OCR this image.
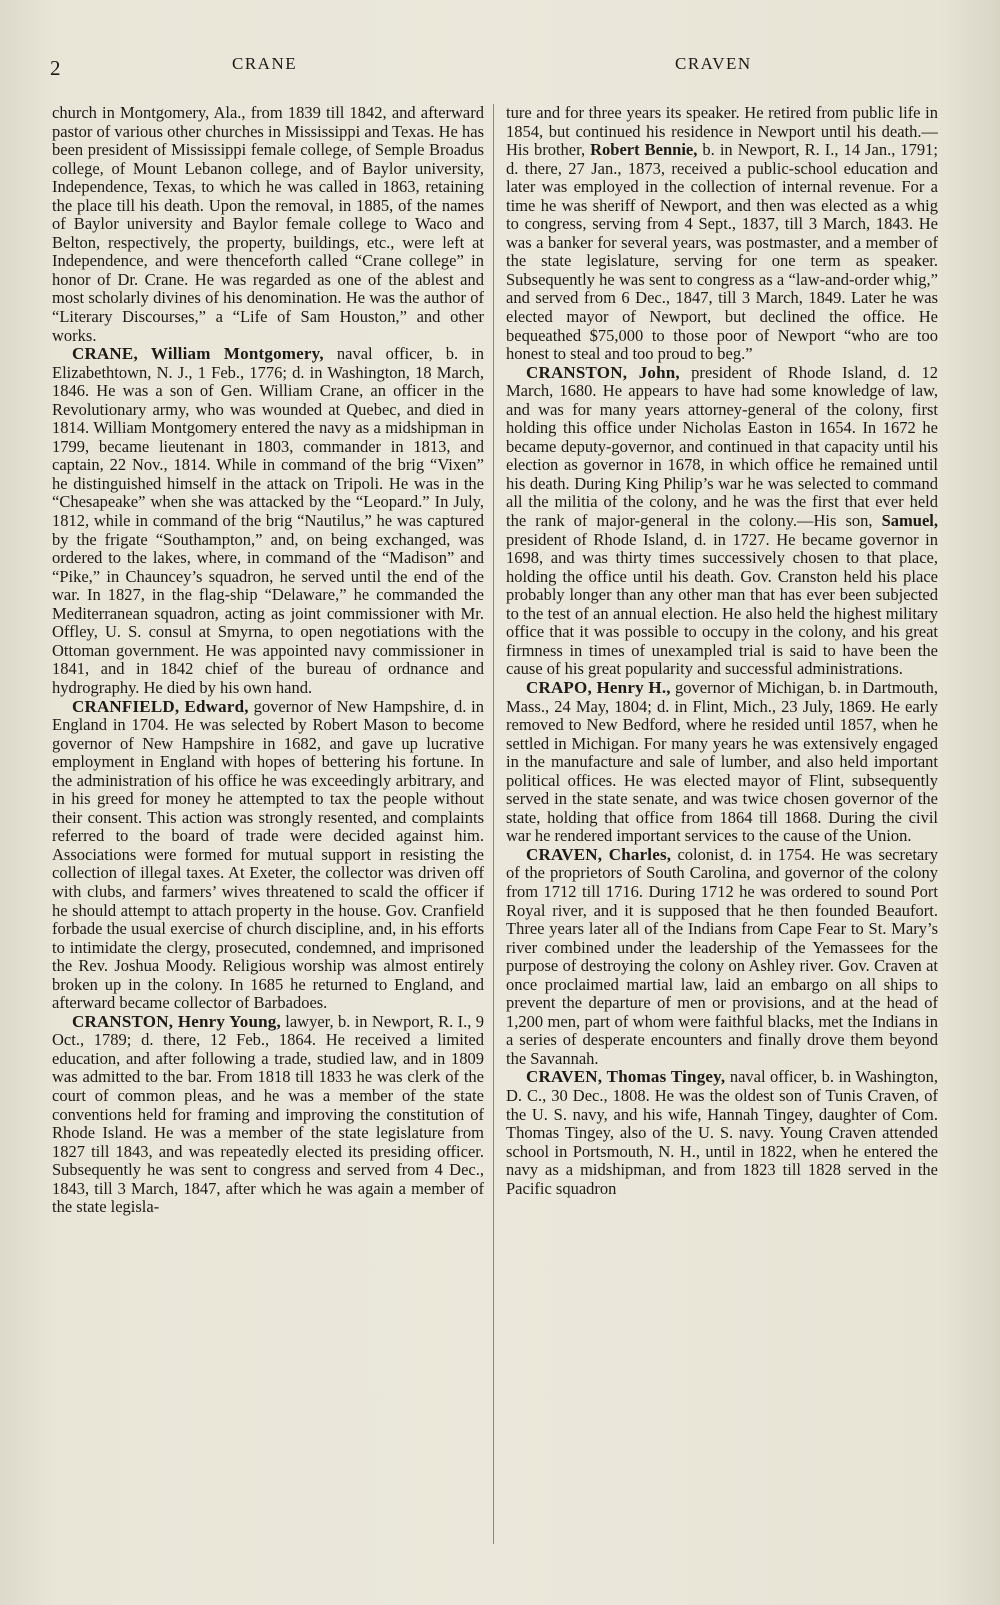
2	CRANE	CRAVEN

church in Montgomery, Ala., from 1839 till 1842, and afterward pastor of various other churches in Mississippi and Texas. He has been president of Mississippi female college, of Semple Broadus college, of Mount Lebanon college, and of Baylor university, Independence, Texas, to which he was called in 1863, retaining the place till his death. Upon the removal, in 1885, of the names of Baylor university and Baylor female college to Waco and Belton, respectively, the property, buildings, etc., were left at Independence, and were thenceforth called “Crane college” in honor of Dr. Crane. He was regarded as one of the ablest and most scholarly divines of his denomination. He was the author of “Literary Discourses,” a “Life of Sam Houston,” and other works.

CRANE, William Montgomery, naval officer, b. in Elizabethtown, N. J., 1 Feb., 1776; d. in Washington, 18 March, 1846. He was a son of Gen. William Crane, an officer in the Revolutionary army, who was wounded at Quebec, and died in 1814. William Montgomery entered the navy as a midshipman in 1799, became lieutenant in 1803, commander in 1813, and captain, 22 Nov., 1814. While in command of the brig “Vixen” he distinguished himself in the attack on Tripoli. He was in the “Chesapeake” when she was attacked by the “Leopard.” In July, 1812, while in command of the brig “Nautilus,” he was captured by the frigate “Southampton,” and, on being exchanged, was ordered to the lakes, where, in command of the “Madison” and “Pike,” in Chauncey’s squadron, he served until the end of the war. In 1827, in the flag-ship “Delaware,” he commanded the Mediterranean squadron, acting as joint commissioner with Mr. Offley, U. S. consul at Smyrna, to open negotiations with the Ottoman government. He was appointed navy commissioner in 1841, and in 1842 chief of the bureau of ordnance and hydrography. He died by his own hand.

CRANFIELD, Edward, governor of New Hampshire, d. in England in 1704. He was selected by Robert Mason to become governor of New Hampshire in 1682, and gave up lucrative employment in England with hopes of bettering his fortune. In the administration of his office he was exceedingly arbitrary, and in his greed for money he attempted to tax the people without their consent. This action was strongly resented, and complaints referred to the board of trade were decided against him. Associations were formed for mutual support in resisting the collection of illegal taxes. At Exeter, the collector was driven off with clubs, and farmers’ wives threatened to scald the officer if he should attempt to attach property in the house. Gov. Cranfield forbade the usual exercise of church discipline, and, in his efforts to intimidate the clergy, prosecuted, condemned, and imprisoned the Rev. Joshua Moody. Religious worship was almost entirely broken up in the colony. In 1685 he returned to England, and afterward became collector of Barbadoes.

CRANSTON, Henry Young, lawyer, b. in Newport, R. I., 9 Oct., 1789; d. there, 12 Feb., 1864. He received a limited education, and after following a trade, studied law, and in 1809 was admitted to the bar. From 1818 till 1833 he was clerk of the court of common pleas, and he was a member of the state conventions held for framing and improving the constitution of Rhode Island. He was a member of the state legislature from 1827 till 1843, and was repeatedly elected its presiding officer. Subsequently he was sent to congress and served from 4 Dec., 1843, till 3 March, 1847, after which he was again a member of the state legisla-

ture and for three years its speaker. He retired from public life in 1854, but continued his residence in Newport until his death.—His brother, Robert Bennie, b. in Newport, R. I., 14 Jan., 1791; d. there, 27 Jan., 1873, received a public-school education and later was employed in the collection of internal revenue. For a time he was sheriff of Newport, and then was elected as a whig to congress, serving from 4 Sept., 1837, till 3 March, 1843. He was a banker for several years, was postmaster, and a member of the state legislature, serving for one term as speaker. Subsequently he was sent to congress as a “law-and-order whig,” and served from 6 Dec., 1847, till 3 March, 1849. Later he was elected mayor of Newport, but declined the office. He bequeathed $75,000 to those poor of Newport “who are too honest to steal and too proud to beg.”

CRANSTON, John, president of Rhode Island, d. 12 March, 1680. He appears to have had some knowledge of law, and was for many years attorney-general of the colony, first holding this office under Nicholas Easton in 1654. In 1672 he became deputy-governor, and continued in that capacity until his election as governor in 1678, in which office he remained until his death. During King Philip’s war he was selected to command all the militia of the colony, and he was the first that ever held the rank of major-general in the colony.—His son, Samuel, president of Rhode Island, d. in 1727. He became governor in 1698, and was thirty times successively chosen to that place, holding the office until his death. Gov. Cranston held his place probably longer than any other man that has ever been subjected to the test of an annual election. He also held the highest military office that it was possible to occupy in the colony, and his great firmness in times of unexampled trial is said to have been the cause of his great popularity and successful administrations.

CRAPO, Henry H., governor of Michigan, b. in Dartmouth, Mass., 24 May, 1804; d. in Flint, Mich., 23 July, 1869. He early removed to New Bedford, where he resided until 1857, when he settled in Michigan. For many years he was extensively engaged in the manufacture and sale of lumber, and also held important political offices. He was elected mayor of Flint, subsequently served in the state senate, and was twice chosen governor of the state, holding that office from 1864 till 1868. During the civil war he rendered important services to the cause of the Union.

CRAVEN, Charles, colonist, d. in 1754. He was secretary of the proprietors of South Carolina, and governor of the colony from 1712 till 1716. During 1712 he was ordered to sound Port Royal river, and it is supposed that he then founded Beaufort. Three years later all of the Indians from Cape Fear to St. Mary’s river combined under the leadership of the Yemassees for the purpose of destroying the colony on Ashley river. Gov. Craven at once proclaimed martial law, laid an embargo on all ships to prevent the departure of men or provisions, and at the head of 1,200 men, part of whom were faithful blacks, met the Indians in a series of desperate encounters and finally drove them beyond the Savannah.

CRAVEN, Thomas Tingey, naval officer, b. in Washington, D. C., 30 Dec., 1808. He was the oldest son of Tunis Craven, of the U. S. navy, and his wife, Hannah Tingey, daughter of Com. Thomas Tingey, also of the U. S. navy. Young Craven attended school in Portsmouth, N. H., until in 1822, when he entered the navy as a midshipman, and from 1823 till 1828 served in the Pacific squadron
